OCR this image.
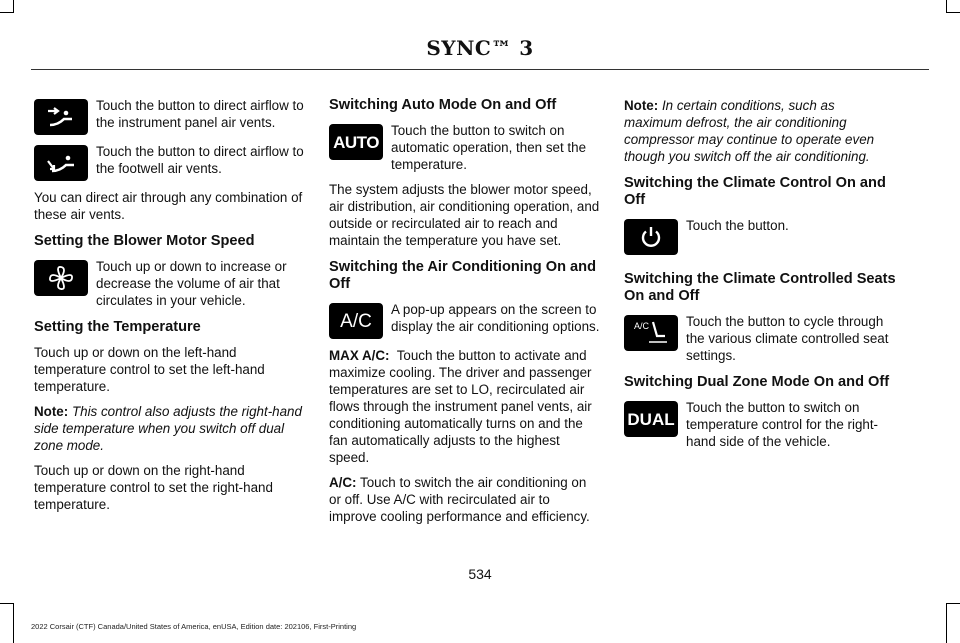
SYNC™ 3
Touch the button to direct airflow to the instrument panel air vents.
Touch the button to direct airflow to the footwell air vents.

You can direct air through any combination of these air vents.

Setting the Blower Motor Speed
Touch up or down to increase or decrease the volume of air that circulates in your vehicle.
Setting the Temperature

Touch up or down on the left-hand temperature control to set the left-hand temperature.

Note: This control also adjusts the right-hand side temperature when you switch off dual zone mode.

Touch up or down on the right-hand temperature control to set the right-hand temperature.

Switching Auto Mode On and Off
AUTO
Touch the button to switch on automatic operation, then set the temperature.

The system adjusts the blower motor speed, air distribution, air conditioning operation, and outside or recirculated air to reach and maintain the temperature you have set.

Switching the Air Conditioning On and Off
A/C
A pop-up appears on the screen to display the air conditioning options.

MAX A/C: Touch the button to activate and maximize cooling. The driver and passenger temperatures are set to LO, recirculated air flows through the instrument panel vents, air conditioning automatically turns on and the fan automatically adjusts to the highest speed.

A/C: Touch to switch the air conditioning on or off. Use A/C with recirculated air to improve cooling performance and efficiency.

Note: In certain conditions, such as maximum defrost, the air conditioning compressor may continue to operate even though you switch off the air conditioning.

Switching the Climate Control On and Off
Touch the button.
Switching the Climate Controlled Seats On and Off
A/C	Touch the button to cycle through the various climate controlled seat settings.
Switching Dual Zone Mode On and Off
DUAL
Touch the button to switch on temperature control for the right-hand side of the vehicle.
534
2022 Corsair (CTF) Canada/United States of America, enUSA, Edition date: 202106, First-Printing
